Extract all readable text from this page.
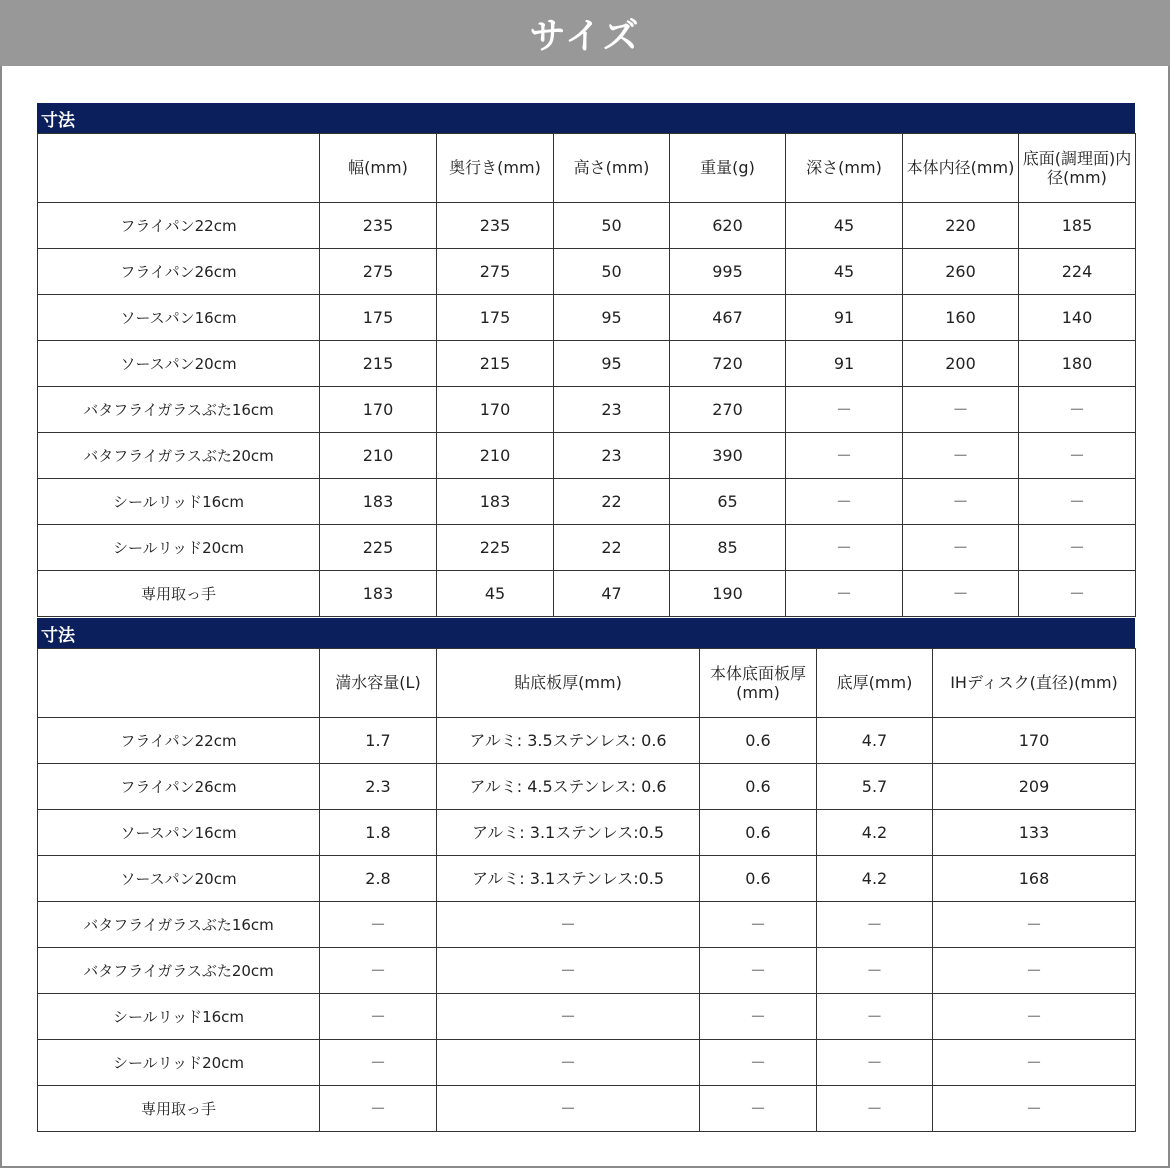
サイズ
寸法
	幅(mm)	奥行き(mm)	高さ(mm)	重量(g)	深さ(mm)	本体内径(mm)	底面(調理面)内径(mm)
フライパン22cm	235	235	50	620	45	220	185
フライパン26cm	275	275	50	995	45	260	224
ソースパン16cm	175	175	95	467	91	160	140
ソースパン20cm	215	215	95	720	91	200	180
バタフライガラスぶた16cm	170	170	23	270	－	－	－
バタフライガラスぶた20cm	210	210	23	390	－	－	－
シールリッド16cm	183	183	22	65	－	－	－
シールリッド20cm	225	225	22	85	－	－	－
専用取っ手	183	45	47	190	－	－	－
寸法
	満水容量(L)	貼底板厚(mm)	本体底面板厚(mm)	底厚(mm)	IHディスク(直径)(mm)
フライパン22cm	1.7	アルミ: 3.5ステンレス: 0.6	0.6	4.7	170
フライパン26cm	2.3	アルミ: 4.5ステンレス: 0.6	0.6	5.7	209
ソースパン16cm	1.8	アルミ: 3.1ステンレス:0.5	0.6	4.2	133
ソースパン20cm	2.8	アルミ: 3.1ステンレス:0.5	0.6	4.2	168
バタフライガラスぶた16cm	－	－	－	－	－
バタフライガラスぶた20cm	－	－	－	－	－
シールリッド16cm	－	－	－	－	－
シールリッド20cm	－	－	－	－	－
専用取っ手	－	－	－	－	－
